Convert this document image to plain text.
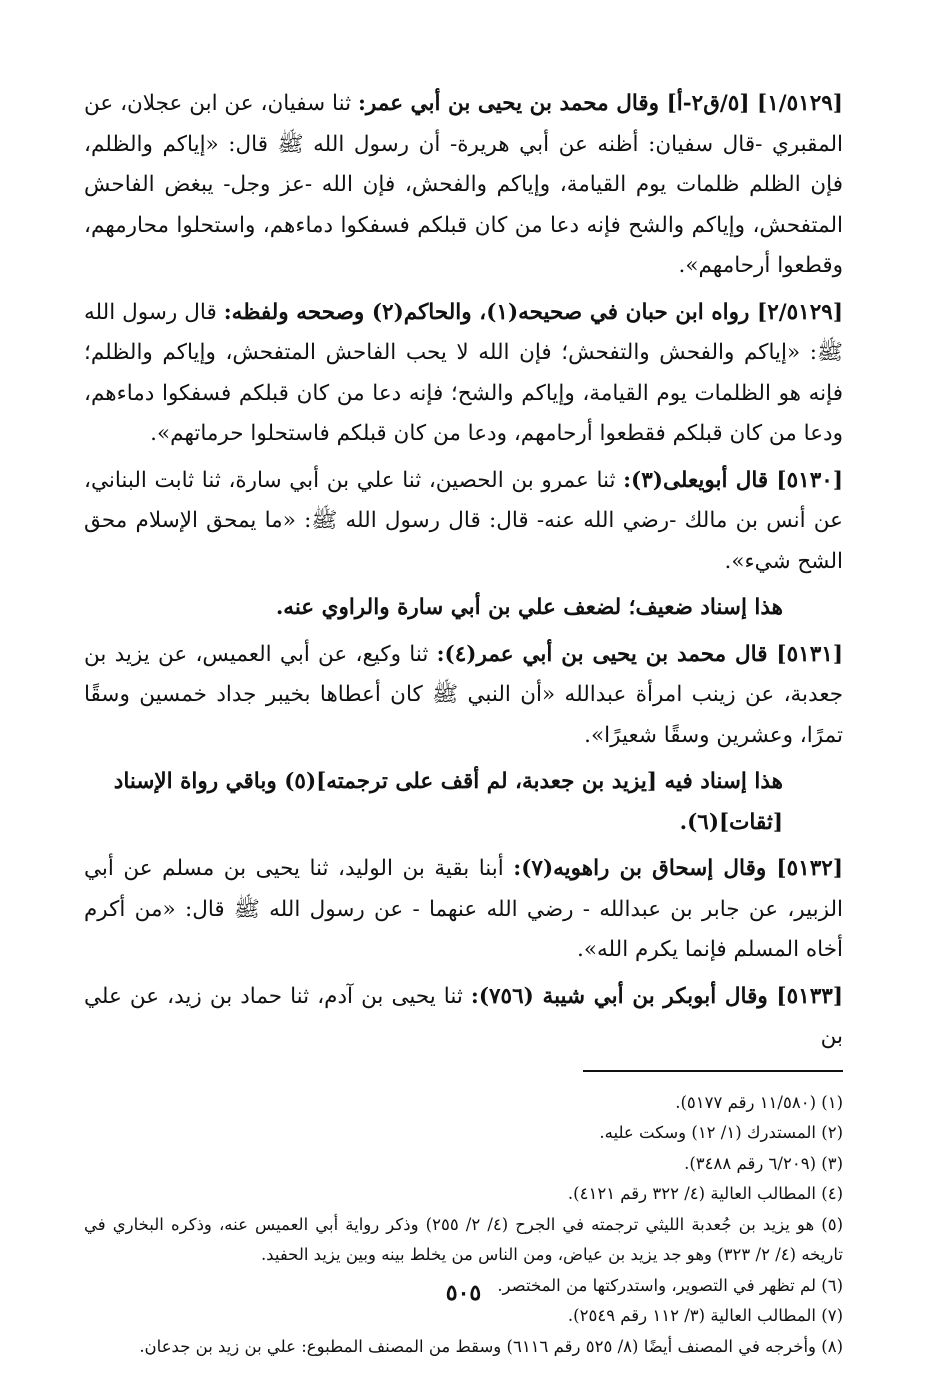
[١/٥١٢٩] [٥/ق٢-أ] وقال محمد بن يحيى بن أبي عمر: ثنا سفيان، عن ابن عجلان، عن المقبري -قال سفيان: أظنه عن أبي هريرة- أن رسول الله ﷺ قال: «إياكم والظلم، فإن الظلم ظلمات يوم القيامة، وإياكم والفحش، فإن الله -عز وجل- يبغض الفاحش المتفحش، وإياكم والشح فإنه دعا من كان قبلكم فسفكوا دماءهم، واستحلوا محارمهم، وقطعوا أرحامهم».

[٢/٥١٢٩] رواه ابن حبان في صحيحه(١)، والحاكم(٢) وصححه ولفظه: قال رسول الله ﷺ: «إياكم والفحش والتفحش؛ فإن الله لا يحب الفاحش المتفحش، وإياكم والظلم؛ فإنه هو الظلمات يوم القيامة، وإياكم والشح؛ فإنه دعا من كان قبلكم فسفكوا دماءهم، ودعا من كان قبلكم فقطعوا أرحامهم، ودعا من كان قبلكم فاستحلوا حرماتهم».

[٥١٣٠] قال أبويعلى(٣): ثنا عمرو بن الحصين، ثنا علي بن أبي سارة، ثنا ثابت البناني، عن أنس بن مالك -رضي الله عنه- قال: قال رسول الله ﷺ: «ما يمحق الإسلام محق الشح شيء».

هذا إسناد ضعيف؛ لضعف علي بن أبي سارة والراوي عنه.

[٥١٣١] قال محمد بن يحيى بن أبي عمر(٤): ثنا وكيع، عن أبي العميس، عن يزيد بن جعدبة، عن زينب امرأة عبدالله «أن النبي ﷺ كان أعطاها بخيبر جداد خمسين وسقًا تمرًا، وعشرين وسقًا شعيرًا».

هذا إسناد فيه [يزيد بن جعدبة، لم أقف على ترجمته](٥) وباقي رواة الإسناد [ثقات](٦).

[٥١٣٢] وقال إسحاق بن راهويه(٧): أبنا بقية بن الوليد، ثنا يحيى بن مسلم عن أبي الزبير، عن جابر بن عبدالله - رضي الله عنهما - عن رسول الله ﷺ قال: «من أكرم أخاه المسلم فإنما يكرم الله».

[٥١٣٣] وقال أبوبكر بن أبي شيبة (٧٥٦): ثنا يحيى بن آدم، ثنا حماد بن زيد، عن علي بن

(١) (١١/٥٨٠ رقم ٥١٧٧).

(٢) المستدرك (١/ ١٢) وسكت عليه.

(٣) (٦/٢٠٩ رقم ٣٤٨٨).

(٤) المطالب العالية (٤/ ٣٢٢ رقم ٤١٢١).

(٥) هو يزيد بن جُعدبة الليثي ترجمته في الجرح (٤/ ٢/ ٢٥٥) وذكر رواية أبي العميس عنه، وذكره البخاري في تاريخه (٤/ ٢/ ٣٢٣) وهو جد يزيد بن عياض، ومن الناس من يخلط بينه وبين يزيد الحفيد.

(٦) لم تظهر في التصوير، واستدركتها من المختصر.

(٧) المطالب العالية (٣/ ١١٢ رقم ٢٥٤٩).

(٨) وأخرجه في المصنف أيضًا (٨/ ٥٢٥ رقم ٦١١٦) وسقط من المصنف المطبوع: علي بن زيد بن جدعان.

٥٠٥
